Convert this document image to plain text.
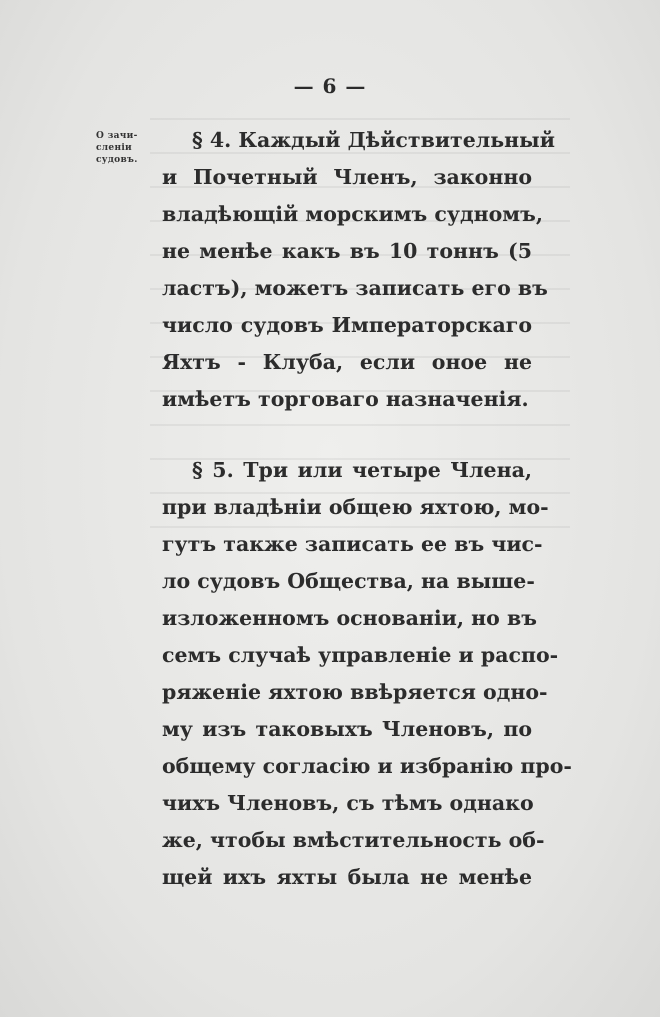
— 6 —
О зачи-
сленіи
судовъ.
§ 4. Каждый Дѣйствительный
и Почетный Членъ, законно
владѣющій морскимъ судномъ,
не менѣе какъ въ 10 тоннъ (5
ластъ), можетъ записать его въ
число судовъ Императорскаго
Яхтъ - Клуба, если оное не
имѣетъ торговаго назначенія.
§ 5. Три или четыре Члена,
при владѣніи общею яхтою, мо-
гутъ также записать ее въ чис-
ло судовъ Общества, на выше-
изложенномъ основаніи, но въ
семъ случаѣ управленіе и распо-
ряженіе яхтою ввѣряется одно-
му изъ таковыхъ Членовъ, по
общему согласію и избранію про-
чихъ Членовъ, съ тѣмъ однако
же, чтобы вмѣстительность об-
щей ихъ яхты была не менѣе
